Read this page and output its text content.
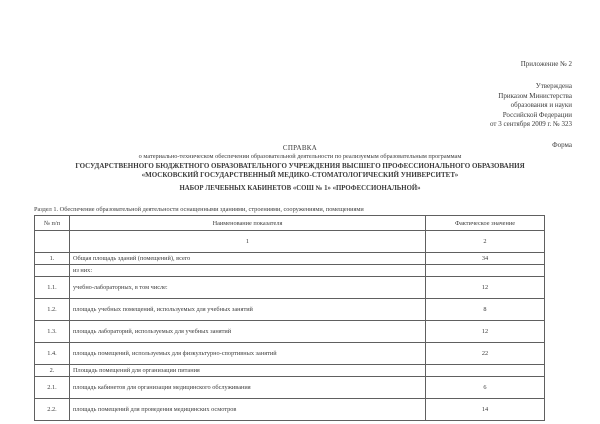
Приложение № 2
Утверждена
Приказом Министерства
образования и науки
Российской Федерации
от 3 сентября 2009 г. № 323
Форма
СПРАВКА
о материально-техническом обеспечении образовательной деятельности по реализуемым образовательным программам
ГОСУДАРСТВЕННОГО БЮДЖЕТНОГО ОБРАЗОВАТЕЛЬНОГО УЧРЕЖДЕНИЯ ВЫСШЕГО ПРОФЕССИОНАЛЬНОГО ОБРАЗОВАНИЯ
«МОСКОВСКИЙ ГОСУДАРСТВЕННЫЙ МЕДИКО-СТОМАТОЛОГИЧЕСКИЙ УНИВЕРСИТЕТ»
НАБОР ЛЕЧЕБНЫХ КАБИНЕТОВ «СОШ № 1» «ПРОФЕССИОНАЛЬНОЙ»
Раздел 1. Обеспечение образовательной деятельности оснащенными зданиями, строениями, сооружениями, помещениями
№ п/п	Наименование показателя	Фактическое значение
	1	2
1.	Общая площадь зданий (помещений), всего	34
	из них:	
1.1.	учебно-лабораторных, в том числе:	12
1.2.	площадь учебных помещений, используемых для учебных занятий	8
1.3.	площадь лабораторий, используемых для учебных занятий	12
1.4.	площадь помещений, используемых для физкультурно-спортивных занятий	22
2.	Площадь помещений для организации питания	
2.1.	площадь кабинетов для организации медицинского обслуживания	6
2.2.	площадь помещений для проведения медицинских осмотров	14
